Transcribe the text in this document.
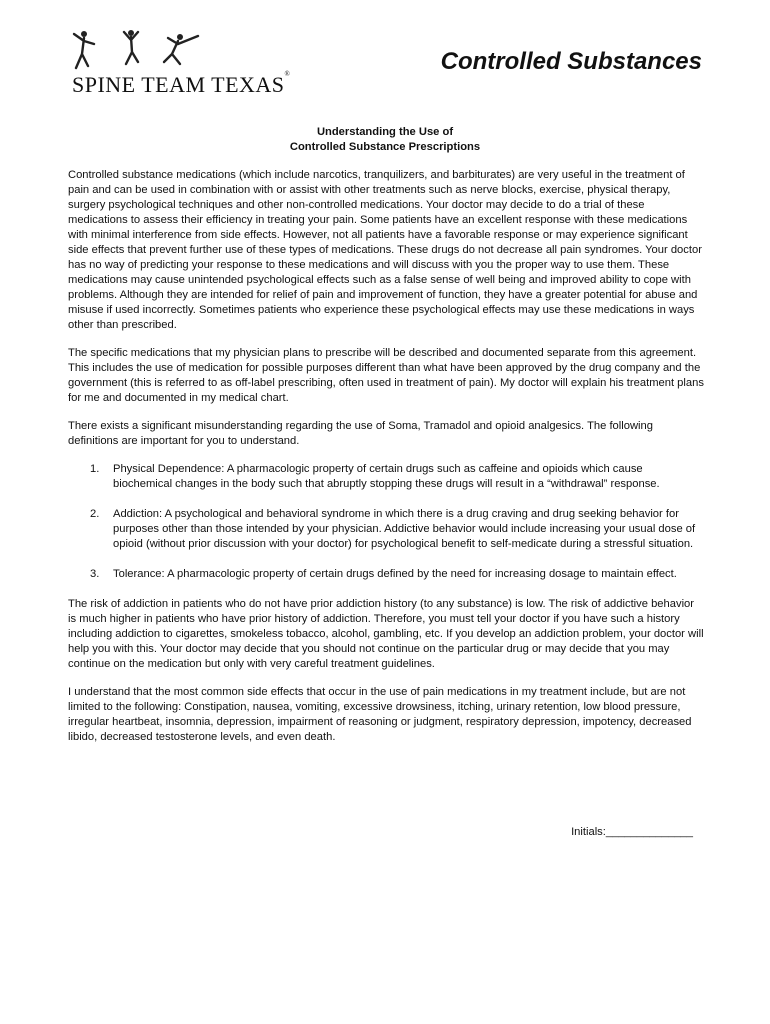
SPINE TEAM TEXAS®	Controlled Substances
Understanding the Use of
Controlled Substance Prescriptions

Controlled substance medications (which include narcotics, tranquilizers, and barbiturates) are very useful in the treatment of pain and can be used in combination with or assist with other treatments such as nerve blocks, exercise, physical therapy, surgery psychological techniques and other non-controlled medications. Your doctor may decide to do a trial of these medications to assess their efficiency in treating your pain. Some patients have an excellent response with these medications with minimal interference from side effects. However, not all patients have a favorable response or may experience significant side effects that prevent further use of these types of medications. These drugs do not decrease all pain syndromes. Your doctor has no way of predicting your response to these medications and will discuss with you the proper way to use them. These medications may cause unintended psychological effects such as a false sense of well being and improved ability to cope with problems. Although they are intended for relief of pain and improvement of function, they have a greater potential for abuse and misuse if used incorrectly. Sometimes patients who experience these psychological effects may use these medications in ways other than prescribed.

The specific medications that my physician plans to prescribe will be described and documented separate from this agreement. This includes the use of medication for possible purposes different than what have been approved by the drug company and the government (this is referred to as off-label prescribing, often used in treatment of pain). My doctor will explain his treatment plans for me and documented in my medical chart.

There exists a significant misunderstanding regarding the use of Soma, Tramadol and opioid analgesics. The following definitions are important for you to understand.

1. Physical Dependence: A pharmacologic property of certain drugs such as caffeine and opioids which cause biochemical changes in the body such that abruptly stopping these drugs will result in a “withdrawal” response.
2. Addiction: A psychological and behavioral syndrome in which there is a drug craving and drug seeking behavior for purposes other than those intended by your physician. Addictive behavior would include increasing your usual dose of opioid (without prior discussion with your doctor) for psychological benefit to self-medicate during a stressful situation.
3. Tolerance: A pharmacologic property of certain drugs defined by the need for increasing dosage to maintain effect.

The risk of addiction in patients who do not have prior addiction history (to any substance) is low. The risk of addictive behavior is much higher in patients who have prior history of addiction. Therefore, you must tell your doctor if you have such a history including addiction to cigarettes, smokeless tobacco, alcohol, gambling, etc. If you develop an addiction problem, your doctor will help you with this. Your doctor may decide that you should not continue on the particular drug or may decide that you may continue on the medication but only with very careful treatment guidelines.

I understand that the most common side effects that occur in the use of pain medications in my treatment include, but are not limited to the following: Constipation, nausea, vomiting, excessive drowsiness, itching, urinary retention, low blood pressure, irregular heartbeat, insomnia, depression, impairment of reasoning or judgment, respiratory depression, impotency, decreased libido, decreased testosterone levels, and even death.

Initials:______________
